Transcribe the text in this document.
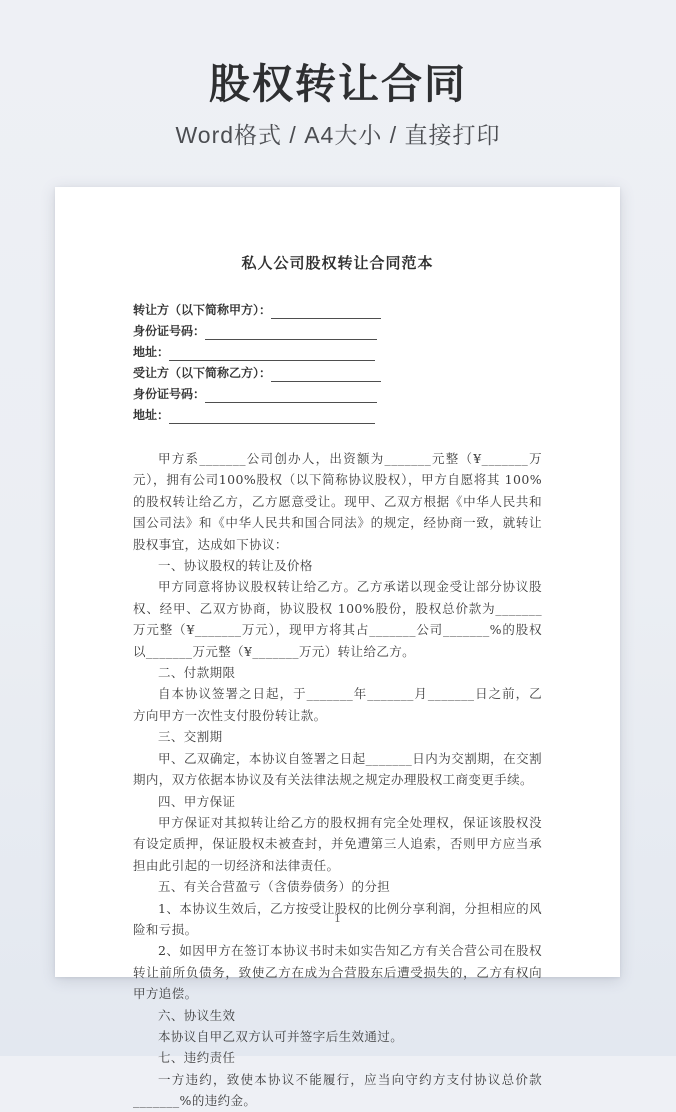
股权转让合同
Word格式 / A4大小 / 直接打印
私人公司股权转让合同范本
转让方（以下简称甲方）：
身份证号码：
地址：
受让方（以下简称乙方）：
身份证号码：
地址：

甲方系_______公司创办人，出资额为_______元整（¥_______万元），拥有公司100%股权（以下简称协议股权），甲方自愿将其 100%的股权转让给乙方，乙方愿意受让。现甲、乙双方根据《中华人民共和国公司法》和《中华人民共和国合同法》的规定，经协商一致，就转让股权事宜，达成如下协议：

一、协议股权的转让及价格

甲方同意将协议股权转让给乙方。乙方承诺以现金受让部分协议股权、经甲、乙双方协商，协议股权 100%股份，股权总价款为_______万元整（¥_______万元），现甲方将其占_______公司_______%的股权以_______万元整（¥_______万元）转让给乙方。

二、付款期限

自本协议签署之日起，于_______年_______月_______日之前，乙方向甲方一次性支付股份转让款。

三、交割期

甲、乙双确定，本协议自签署之日起_______日内为交割期，在交割期内，双方依据本协议及有关法律法规之规定办理股权工商变更手续。

四、甲方保证

甲方保证对其拟转让给乙方的股权拥有完全处理权，保证该股权没有设定质押，保证股权未被查封，并免遭第三人追索，否则甲方应当承担由此引起的一切经济和法律责任。

五、有关合营盈亏（含债券债务）的分担

1、本协议生效后，乙方按受让股权的比例分享利润，分担相应的风险和亏损。

2、如因甲方在签订本协议书时未如实告知乙方有关合营公司在股权转让前所负债务，致使乙方在成为合营股东后遭受损失的，乙方有权向甲方追偿。

六、协议生效

本协议自甲乙双方认可并签字后生效通过。

七、违约责任

一方违约，致使本协议不能履行，应当向守约方支付协议总价款_______%的违约金。

1
